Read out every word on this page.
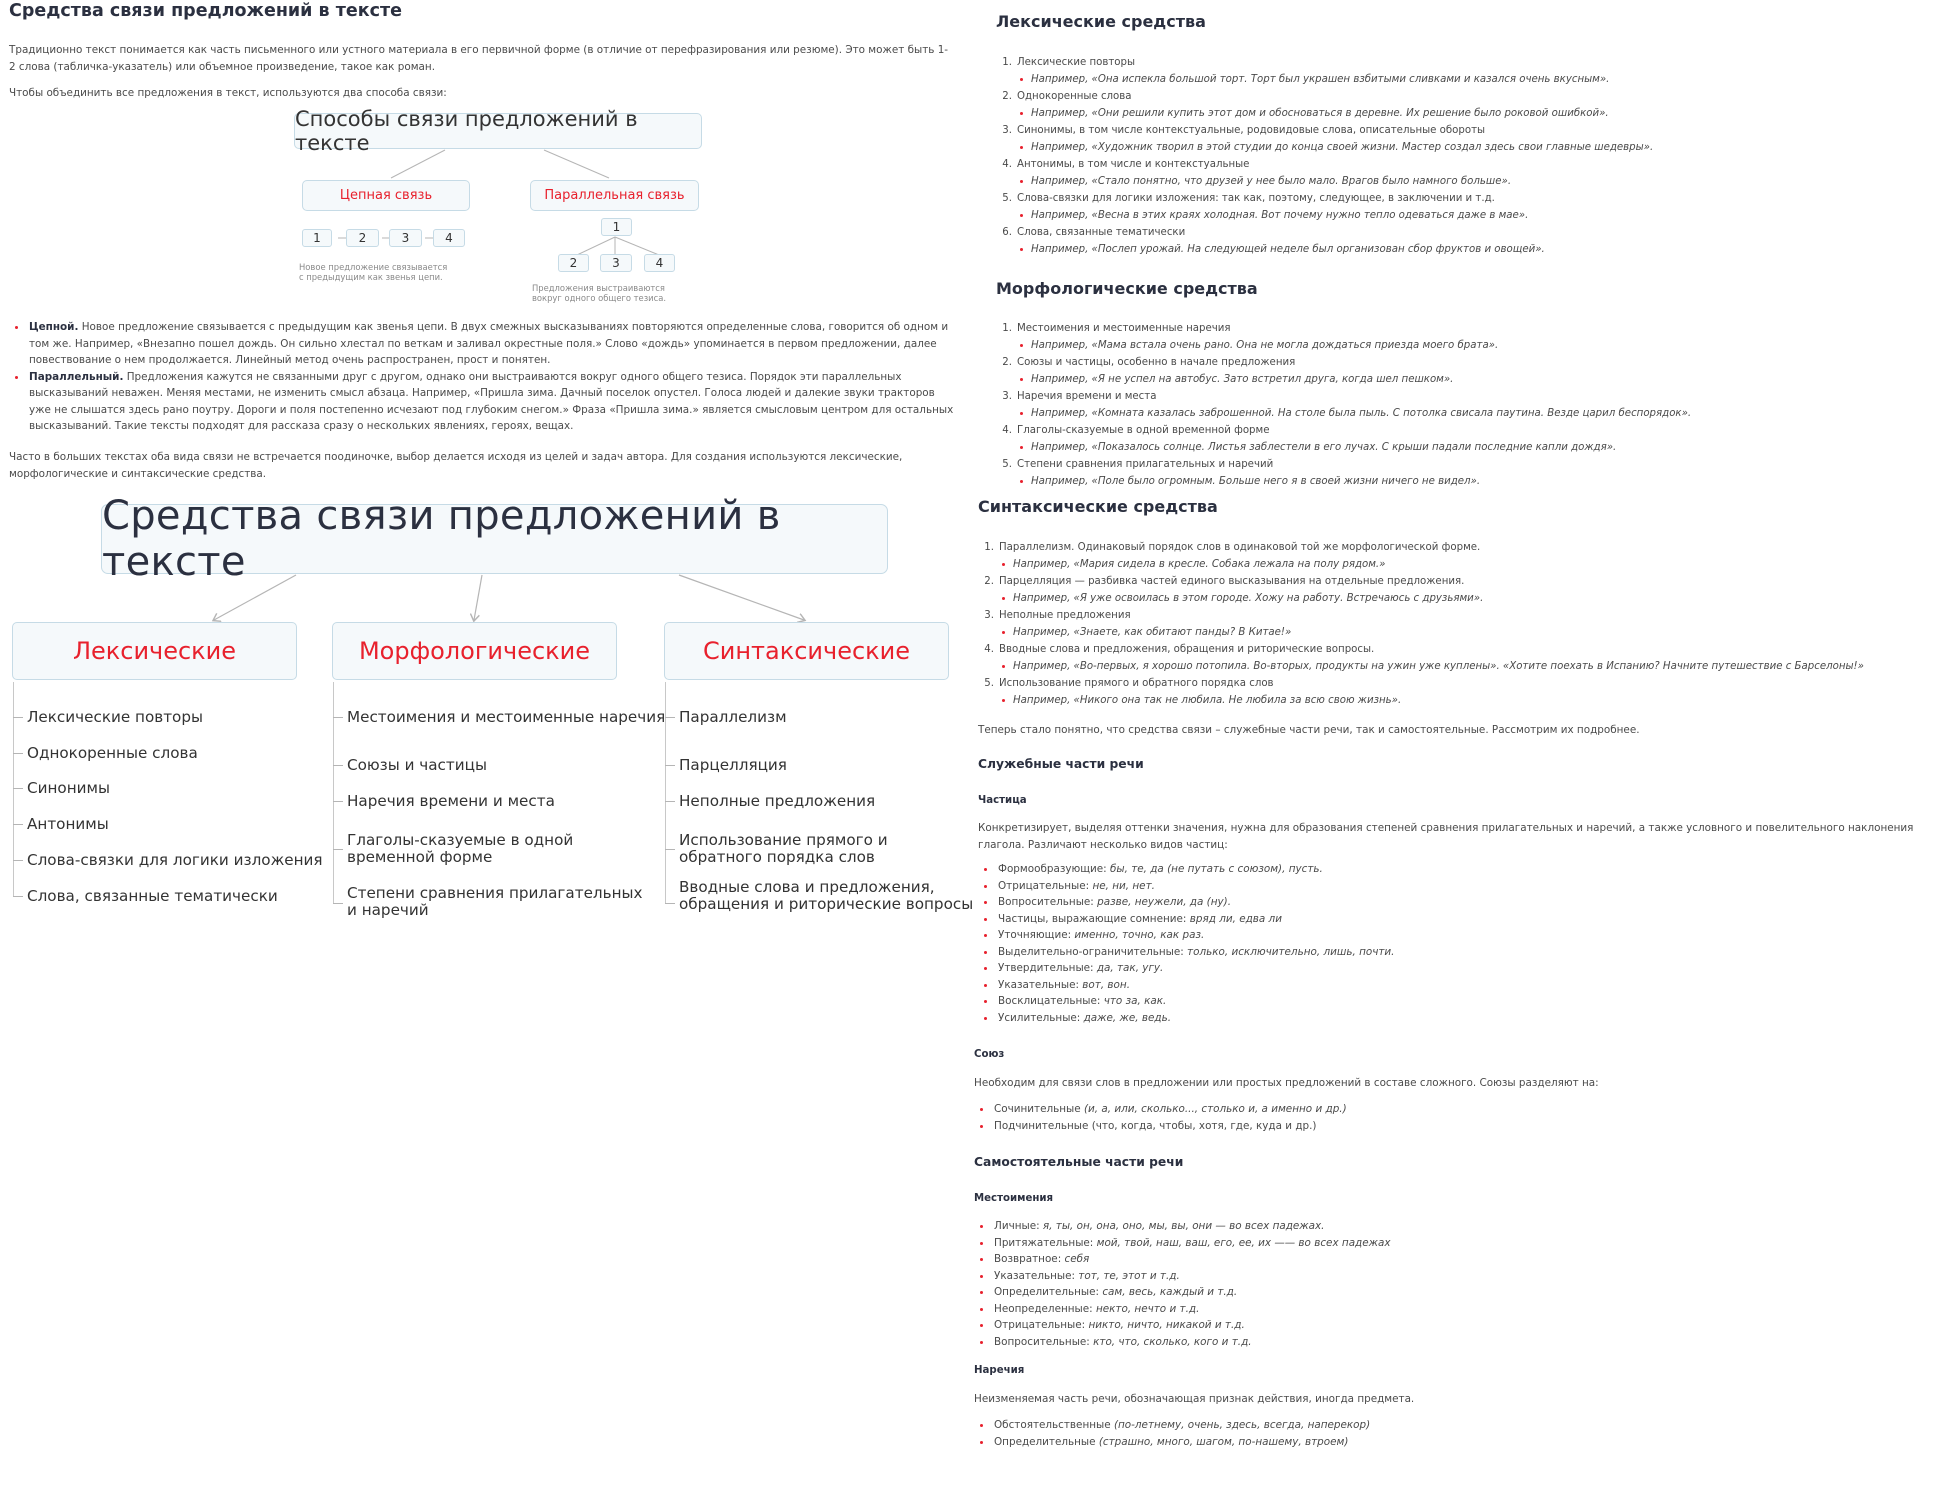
Средства связи предложений в тексте
Традиционно текст понимается как часть письменного или устного материала в его первичной форме (в отличие от перефразирования или резюме). Это может быть 1-2 слова (табличка-указатель) или объемное произведение, такое как роман.
Чтобы объединить все предложения в текст, используются два способа связи:
Способы связи предложений в тексте
Цепная связь	Параллельная связь
1	2	3	4
1
2	3	4
Новое предложение связывается
с предыдущим как звенья цепи.
Предложения выстраиваются
вокруг одного общего тезиса.
Цепной. Новое предложение связывается с предыдущим как звенья цепи. В двух смежных высказываниях повторяются определенные слова, говорится об одном и том же. Например, «Внезапно пошел дождь. Он сильно хлестал по веткам и заливал окрестные поля.» Слово «дождь» упоминается в первом предложении, далее повествование о нем продолжается. Линейный метод очень распространен, прост и понятен.
Параллельный. Предложения кажутся не связанными друг с другом, однако они выстраиваются вокруг одного общего тезиса. Порядок эти параллельных высказываний неважен. Меняя местами, не изменить смысл абзаца. Например, «Пришла зима. Дачный поселок опустел. Голоса людей и далекие звуки тракторов уже не слышатся здесь рано поутру. Дороги и поля постепенно исчезают под глубоким снегом.» Фраза «Пришла зима.» является смысловым центром для остальных высказываний. Такие тексты подходят для рассказа сразу о нескольких явлениях, героях, вещах.
Часто в больших текстах оба вида связи не встречается поодиночке, выбор делается исходя из целей и задач автора. Для создания используются лексические, морфологические и синтаксические средства.
Средства связи предложений в тексте
Лексические	Морфологические	Синтаксические
Лексические повторы
Однокоренные слова
Синонимы
Антонимы
Слова-связки для логики изложения
Слова, связанные тематически
Местоимения и местоименные наречия
Союзы и частицы
Наречия времени и места
Глаголы-сказуемые в одной временной форме
Степени сравнения прилагательных и наречий
Параллелизм
Парцелляция
Неполные предложения
Использование прямого и обратного порядка слов
Вводные слова и предложения, обращения и риторические вопросы
Лексические средства
1. Лексические повторы
Например, «Она испекла большой торт. Торт был украшен взбитыми сливками и казался очень вкусным».
2. Однокоренные слова
Например, «Они решили купить этот дом и обосноваться в деревне. Их решение было роковой ошибкой».
3. Синонимы, в том числе контекстуальные, родовидовые слова, описательные обороты
Например, «Художник творил в этой студии до конца своей жизни. Мастер создал здесь свои главные шедевры».
4. Антонимы, в том числе и контекстуальные
Например, «Стало понятно, что друзей у нее было мало. Врагов было намного больше».
5. Слова-связки для логики изложения: так как, поэтому, следующее, в заключении и т.д.
Например, «Весна в этих краях холодная. Вот почему нужно тепло одеваться даже в мае».
6. Слова, связанные тематически
Например, «Послеп урожай. На следующей неделе был организован сбор фруктов и овощей».
Морфологические средства
1. Местоимения и местоименные наречия
Например, «Мама встала очень рано. Она не могла дождаться приезда моего брата».
2. Союзы и частицы, особенно в начале предложения
Например, «Я не успел на автобус. Зато встретил друга, когда шел пешком».
3. Наречия времени и места
Например, «Комната казалась заброшенной. На столе была пыль. С потолка свисала паутина. Везде царил беспорядок».
4. Глаголы-сказуемые в одной временной форме
Например, «Показалось солнце. Листья заблестели в его лучах. С крыши падали последние капли дождя».
5. Степени сравнения прилагательных и наречий
Например, «Поле было огромным. Больше него я в своей жизни ничего не видел».
Синтаксические средства
1. Параллелизм. Одинаковый порядок слов в одинаковой той же морфологической форме.
Например, «Мария сидела в кресле. Собака лежала на полу рядом.»
2. Парцелляция — разбивка частей единого высказывания на отдельные предложения.
Например, «Я уже освоилась в этом городе. Хожу на работу. Встречаюсь с друзьями».
3. Неполные предложения
Например, «Знаете, как обитают панды? В Китае!»
4. Вводные слова и предложения, обращения и риторические вопросы.
Например, «Во-первых, я хорошо потопила. Во-вторых, продукты на ужин уже куплены». «Хотите поехать в Испанию? Начните путешествие с Барселоны!»
5. Использование прямого и обратного порядка слов
Например, «Никого она так не любила. Не любила за всю свою жизнь».
Теперь стало понятно, что средства связи – служебные части речи, так и самостоятельные. Рассмотрим их подробнее.
Служебные части речи
Частица
Конкретизирует, выделяя оттенки значения, нужна для образования степеней сравнения прилагательных и наречий, а также условного и повелительного наклонения глагола. Различают несколько видов частиц:
Формообразующие: бы, те, да (не путать с союзом), пусть.
Отрицательные: не, ни, нет.
Вопросительные: разве, неужели, да (ну).
Частицы, выражающие сомнение: вряд ли, едва ли
Уточняющие: именно, точно, как раз.
Выделительно-ограничительные: только, исключительно, лишь, почти.
Утвердительные: да, так, угу.
Указательные: вот, вон.
Восклицательные: что за, как.
Усилительные: даже, же, ведь.
Союз
Необходим для связи слов в предложении или простых предложений в составе сложного. Союзы разделяют на:
Сочинительные (и, а, или, сколько..., столько и, а именно и др.)
Подчинительные (что, когда, чтобы, хотя, где, куда и др.)
Самостоятельные части речи
Местоимения
Личные: я, ты, он, она, оно, мы, вы, они — во всех падежах.
Притяжательные: мой, твой, наш, ваш, его, ее, их —— во всех падежах
Возвратное: себя
Указательные: тот, те, этот и т.д.
Определительные: сам, весь, каждый и т.д.
Неопределенные: некто, нечто и т.д.
Отрицательные: никто, ничто, никакой и т.д.
Вопросительные: кто, что, сколько, кого и т.д.
Наречия
Неизменяемая часть речи, обозначающая признак действия, иногда предмета.
Обстоятельственные (по-летнему, очень, здесь, всегда, наперекор)
Определительные (страшно, много, шагом, по-нашему, втроем)
